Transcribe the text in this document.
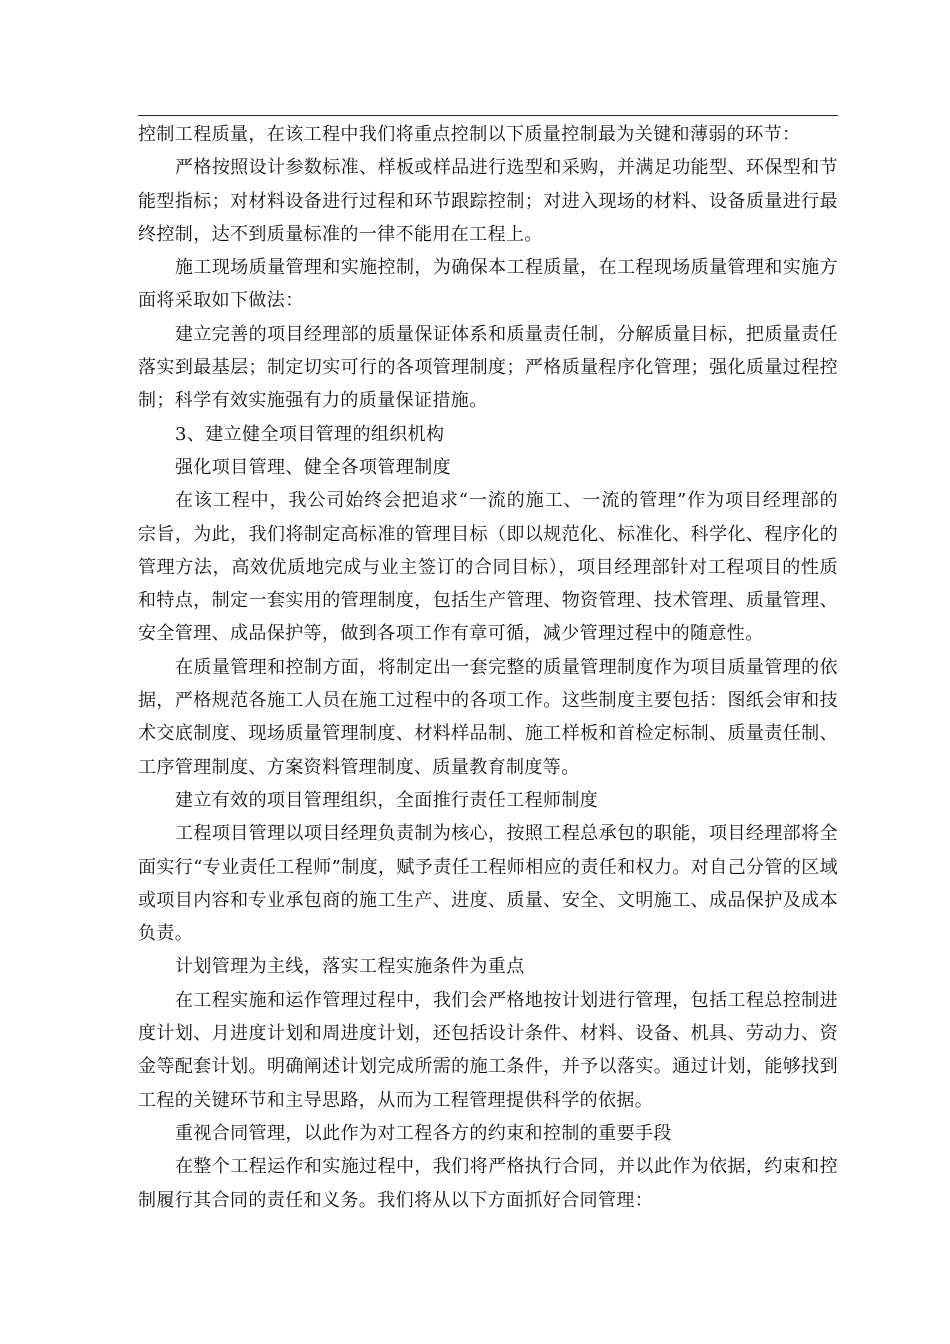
控制工程质量，在该工程中我们将重点控制以下质量控制最为关键和薄弱的环节：

严格按照设计参数标准、样板或样品进行选型和采购，并满足功能型、环保型和节能型指标；对材料设备进行过程和环节跟踪控制；对进入现场的材料、设备质量进行最终控制，达不到质量标准的一律不能用在工程上。

施工现场质量管理和实施控制，为确保本工程质量，在工程现场质量管理和实施方面将采取如下做法：

建立完善的项目经理部的质量保证体系和质量责任制，分解质量目标，把质量责任落实到最基层；制定切实可行的各项管理制度；严格质量程序化管理；强化质量过程控制；科学有效实施强有力的质量保证措施。

3、建立健全项目管理的组织机构

强化项目管理、健全各项管理制度

在该工程中，我公司始终会把追求“一流的施工、一流的管理”作为项目经理部的宗旨，为此，我们将制定高标准的管理目标（即以规范化、标准化、科学化、程序化的管理方法，高效优质地完成与业主签订的合同目标），项目经理部针对工程项目的性质和特点，制定一套实用的管理制度，包括生产管理、物资管理、技术管理、质量管理、安全管理、成品保护等，做到各项工作有章可循，减少管理过程中的随意性。

在质量管理和控制方面，将制定出一套完整的质量管理制度作为项目质量管理的依据，严格规范各施工人员在施工过程中的各项工作。这些制度主要包括：图纸会审和技术交底制度、现场质量管理制度、材料样品制、施工样板和首检定标制、质量责任制、工序管理制度、方案资料管理制度、质量教育制度等。

建立有效的项目管理组织，全面推行责任工程师制度

工程项目管理以项目经理负责制为核心，按照工程总承包的职能，项目经理部将全面实行“专业责任工程师”制度，赋予责任工程师相应的责任和权力。对自己分管的区域或项目内容和专业承包商的施工生产、进度、质量、安全、文明施工、成品保护及成本负责。

计划管理为主线，落实工程实施条件为重点

在工程实施和运作管理过程中，我们会严格地按计划进行管理，包括工程总控制进度计划、月进度计划和周进度计划，还包括设计条件、材料、设备、机具、劳动力、资金等配套计划。明确阐述计划完成所需的施工条件，并予以落实。通过计划，能够找到工程的关键环节和主导思路，从而为工程管理提供科学的依据。

重视合同管理，以此作为对工程各方的约束和控制的重要手段

在整个工程运作和实施过程中，我们将严格执行合同，并以此作为依据，约束和控制履行其合同的责任和义务。我们将从以下方面抓好合同管理：
